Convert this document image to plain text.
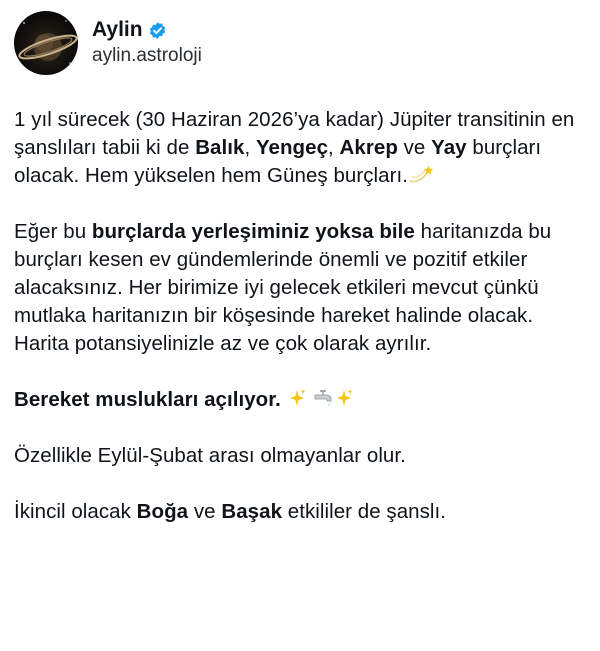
Aylin
aylin.astroloji

1 yıl sürecek (30 Haziran 2026’ya kadar) Jüpiter transitinin en şanslıları tabii ki de Balık, Yengeç, Akrep ve Yay burçları olacak. Hem yükselen hem Güneş burçları.

Eğer bu burçlarda yerleşiminiz yoksa bile haritanızda bu burçları kesen ev gündemlerinde önemli ve pozitif etkiler alacaksınız. Her birimize iyi gelecek etkileri mevcut çünkü mutlaka haritanızın bir köşesinde hareket halinde olacak. Harita potansiyelinizle az ve çok olarak ayrılır.

Bereket muslukları açılıyor.

Özellikle Eylül-Şubat arası olmayanlar olur.

İkincil olacak Boğa ve Başak etkililer de şanslı.
